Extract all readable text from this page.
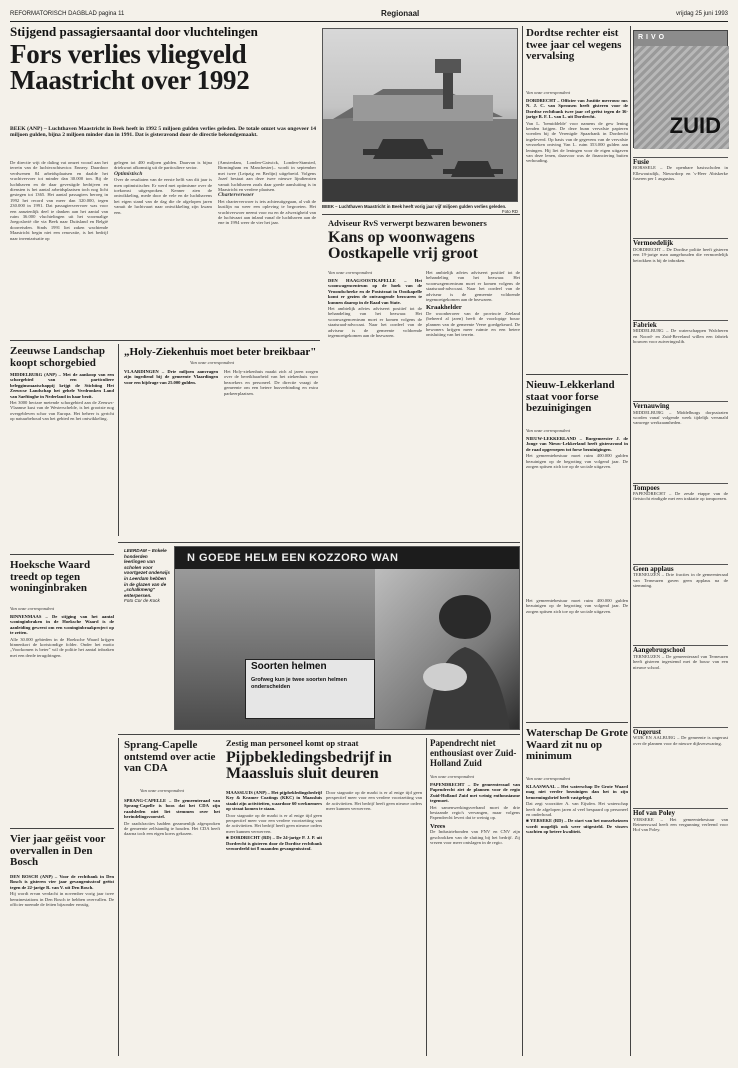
REFORMATORISCH DAGBLAD pagina 11	Regionaal	vrijdag 25 juni 1993
Stijgend passagiersaantal door vluchtelingen
Fors verlies vliegveld Maastricht over 1992
BEEK (ANP) – Luchthaven Maastricht in Beek heeft in 1992 5 miljoen gulden verlies geleden. De totale omzet was ongeveer 14 miljoen gulden, bijna 2 miljoen minder dan in 1991. Dat is gisteravond door de directie bekendgemaakt.

De directie wijt de daling vat omzet vooral aan het terrein van de luchtvrachtsector. Ennery. Daardoor verdwenen 84 arbeidsplaatsen en daalde het vrachtvervoer tot minder dan 30.000 ton. Bij de luchthaven en de daar gevestigde bedrijven en diensten is het aantal arbeidsplaatsen toch nog licht gestegen tot 1365. Het aantal passagiers beroeg in 1992 het record van meer dan 320.000, tegen 230.000 in 1991. Dat passagiersvervoer was voor een aanzienlijk deel te danken aan het aantal van ruim 36.000 vluchtelingen uit het voormalige Joegoslavië die via Beek naar Duitsland en België doorreisden. Sinds 1991 liet zaken wachtende Maastricht begin niet een renovatie, is het bedrijf naar inventarisatie op

gelegen tot 400 miljoen gulden. Daarvan is bijna driekwart afkomstig uit de particuliere sector.

Optimistisch

Over de resultaten van de eerste helft van dit jaar is men optimistischer. Er werd met optimisme over de toekomst uitgesproken. Kenner zien de ontwikkeling, mede door de vele en de luchthavens het eigen stand van de dag die de afgelopen jaren vanuit de luchtvaart naar ontwikkeling zijn kwam een.

(Amsterdam, Londen-Gatwick, Londen-Stansted, Birmingham en Manchester)– wordt in september met twee (Leipzig en Berlijn) uitgebreid. Volgens Jozef bestaat aan deze twee nieuwe lijndiensten vanuit luchthaven zoals daar goede aansluiting is in Maastricht en verdere plaatsen.

Charterverwoer

Het charterverwoer is iets achteruitgegaan, al valt de kustlijn nu weer een opleving te begroeten. Het vrachtverwoer neemt voor nu en de afwezigheid van de luchtvaart aan inland vanaf de luchthaven aan de ene in 1994 weer de vier het jaar.

BEEK – Luchthaven Maastricht in Beek heeft vorig jaar vijf miljoen gulden verlies geleden.
Foto RD
Dordtse rechter eist twee jaar cel wegens vervalsing
Van onze correspondent

DORDRECHT – Officier van Justitie mevrouw mr. N. J. C. van Sprousen heeft gisteren voor de Dordtse rechtbank twee jaar cel geëist tegen de 36-jarige B. F. L. van L. uit Dordrecht.

Van L. 'bemiddelde' voor namens de gew lening kenden krijgen. De deze bunn vervalste papieren voerden bij de Verenigde Spaarbank in Dordrecht ingeleverd. Op basis van de gegevens van de vervalste verzoeken ontving Van L. ruim 353.000 gulden aan leningen. Hij liet de leningen voor de eigen uitgaven van deze lenen, daarvoor was de financiering buiten verhouding.

RIVO
ZUID
Fusie

BORSSELE – De openbare basisscholen in Ellewoutsdijk, Nieuwdorp en 's-Heer Abtskerke fuseren per 1 augustus.

Vermoedelijk

DORDRECHT – De Dordtse politie heeft gisteren een 19-jarige man aangehouden die vermoedelijk betrokken is bij de inbraken.

Fabriek

MIDDELBURG – De waterschappen Walcheren en Noord- en Zuid-Beveland willen een fabriek bouwen voor zuiveringsslib.

Vernauwing

MIDDELBURG – Middelburgs dorpsstraten worden vanaf volgende week tijdelijk versmald vanwege werkzaamheden.

Tompoes

PAPENDRECHT – De zesde etappe van de fietstocht eindigde met een traktatie op tompoezen.

Geen applaus

TERNEUZEN – Drie fracties in de gemeenteraad van Terneuzen gaven geen applaus na de stemming.

Aangebrugschool

TERNEUZEN – De gemeenteraad van Terneuzen heeft gisteren ingestemd met de bouw van een nieuwe school.

Ongerust

WIJK EN AALBURG – De gemeente is ongerust over de plannen voor de nieuwe dijkverzwaring.

Hof van Poley

YERSEKE – Het gemeentebestuur van Reimerswaal heeft een vergunning verleend voor Hof van Poley.

Zeeuwse Landschap koopt schorgebied

MIDDELBURG (ANP) – Met de aankoop van een schorgebied van een particuliere belegginsmaatschappij krijgt de Stichting Het Zeeuwse Landschap het gehele Verdronken Land van Saeftinghe in Nederland in haar bezit.

Het 3000 hectare metende schorgebied aan de Zeeuws-Vlaamse kust van de Westerschelde, is het grootste nog overgebleven schor van Europa. Het beheer is gericht op natuurbehoud van het gebied en het ontwikkeling.

„Holy-Ziekenhuis moet beter breikbaar"
Van onze correspondent

VLAARDINGEN – Drie miljoen aanvragen zijn ingediend bij de gemeente Vlaardingen voor een bijdrage van 25.000 gulden.

Het Holy-ziekenhuis maakt zich al jaren zorgen over de bereikbaarheid van het ziekenhuis voor bezoekers en personeel. De directie vraagt de gemeente om een betere busverbinding en extra parkeerplaatsen.

Adviseur RvS verwerpt bezwaren bewoners
Kans op woonwagens Oostkapelle vrij groot
Van onze correspondent

DEN HAAG/OOSTKAPELLE – Het woonwagencentrum op de hoek van de Vroondscheeke en de Poststraat in Oostkapelle komt er gezien de ontvangende bezwaren te kunnen daarop in de Raad van State.

Het ambtelijk advies adviseert positief tot de behandeling van het bezwaar. Het woonwagencentrum moet er komen volgens de staatsraad-advocaat. Naar het oordeel van de adviseur is de gemeente voldoende tegemoetgekomen aan de bezwaren.

Het ambtelijk advies adviseert positief tot de behandeling van het bezwaar. Het woonwagencentrum moet er komen volgens de staatsraad-advocaat. Naar het oordeel van de adviseur is de gemeente voldoende tegemoetgekomen aan de bezwaren.

Kraakhelder

De woonberoeer van de provincie Zeeland (beheerd al jaren) heeft de voorlopige bouw plannen van de gemeente Veere goedgekeurd. De bewoners krijgen meer ruimte en een betere ontsluiting van het terrein.

LEERDAM – Enkele honderden leerlingen van scholen voor voortgezet onderwijs in Leerdam hebben in de glazen van de „schalkmeng" enterpersen.
Foto Cor de Kock
N GOEDE HELM EEN KOZZORO WAN
Soorten helmen
Grofweg kun je twee soorten helmen onderscheiden
Hoeksche Waard treedt op tegen woninginbraken
Van onze correspondent

BINNENMAAS – De stijging van het aantal woninginbraken in de Hoeksche Waard is de aanleiding geweest om een woninginbraakproject op te zetten.

Alle 30.000 gebieden in de Hoeksche Waard krijgen binnenkort de kortstondige folder. Onder het motto „Voorkomen is beter" wil de politie het aantal inbraken met een derde terugdringen.

Vier jaar geëist voor overvallen in Den Bosch

DEN BOSCH (ANP) – Voor de rechtbank in Den Bosch is gisteren vier jaar gevangenisstraf geëist tegen de 22-jarige R. van V. uit Den Bosch.

Hij wordt ervan verdacht in november vorig jaar twee benzinestations in Den Bosch te hebben overvallen. De officier noemde de feiten bijzonder ernstig.

Sprang-Capelle ontstemd over actie van CDA
Van onze correspondent

SPRANG-CAPELLE – De gemeenteraad van Sprang-Capelle is boos dat het CDA zijn raadsleden niet liet stemmen over het herindelingsvoorstel.

De raadsfracties hadden gezamenlijk afgesproken de gemeente zelfstandig te houden. Het CDA heeft daarna toch een eigen koers gekozen.

Zestig man personeel komt op straat
Pijpbekledingsbedrijf in Maassluis sluit deuren

MAASSLUIS (ANP) – Het pijpbekledingsbedrijf Key & Kramer Coatings (KKC) in Maassluis staakt zijn activiteiten, waardoor 60 werknemers op straat komen te staan.

Door stagnatie op de markt is er al enige tijd geen perspectief meer voor een verdere voortzetting van de activiteiten. Het bedrijf heeft geen nieuwe orders meer kunnen verwerven.

■ DORDRECHT (RD) – De 24-jarige P. J. P. uit Dordrecht is gisteren door de Dordtse rechtbank veroordeeld tot 8 maanden gevangenisstraf.

Door stagnatie op de markt is er al enige tijd geen perspectief meer voor een verdere voortzetting van de activiteiten. Het bedrijf heeft geen nieuwe orders meer kunnen verwerven.

Papendrecht niet enthousiast over Zuid-Holland Zuid
Van onze correspondent

PAPENDRECHT – De gemeenteraad van Papendrecht ziet de plannen voor de regio Zuid-Holland Zuid met weinig enthousiasme tegemoet.

Het samenwerkingsverband moet de drie bestaande regio's vervangen, maar volgens Papendrecht levert dat te weinig op.

Vrees

De Industriebonden van FNV en CNV zijn geschrokken van de sluiting bij het bedrijf. Zij vrezen voor meer ontslagen in de regio.

Nieuw-Lekkerland staat voor forse bezuinigingen
Van onze correspondent

NIEUW-LEKKERLAND – Burgemeester J. de Jonge van Nieuw-Lekkerland heeft gisteravond in de raad opgeroepen tot forse bezuinigingen.

Het gemeentebestuur moet ruim 400.000 gulden bezuinigen op de begroting van volgend jaar. De zorgen spitsen zich toe op de sociale uitgaven.

Het gemeentebestuur moet ruim 400.000 gulden bezuinigen op de begroting van volgend jaar. De zorgen spitsen zich toe op de sociale uitgaven.

Waterschap De Grote Waard zit nu op minimum
Van onze correspondent

KLAASWAAL – Het waterschap De Grote Waard mag niet verder bezuinigen dan het in zijn benoemingsbrief heeft vastgelegd.

Dat zegt voorzitter A. van Eijsden. Het waterschap heeft de afgelopen jaren al veel bespaard op personeel en onderhoud.

■ YERSEKE (RD) – De start van het mosselseizoen wordt mogelijk ook weer uitgesteld. De vissers wachten op betere kwaliteit.
